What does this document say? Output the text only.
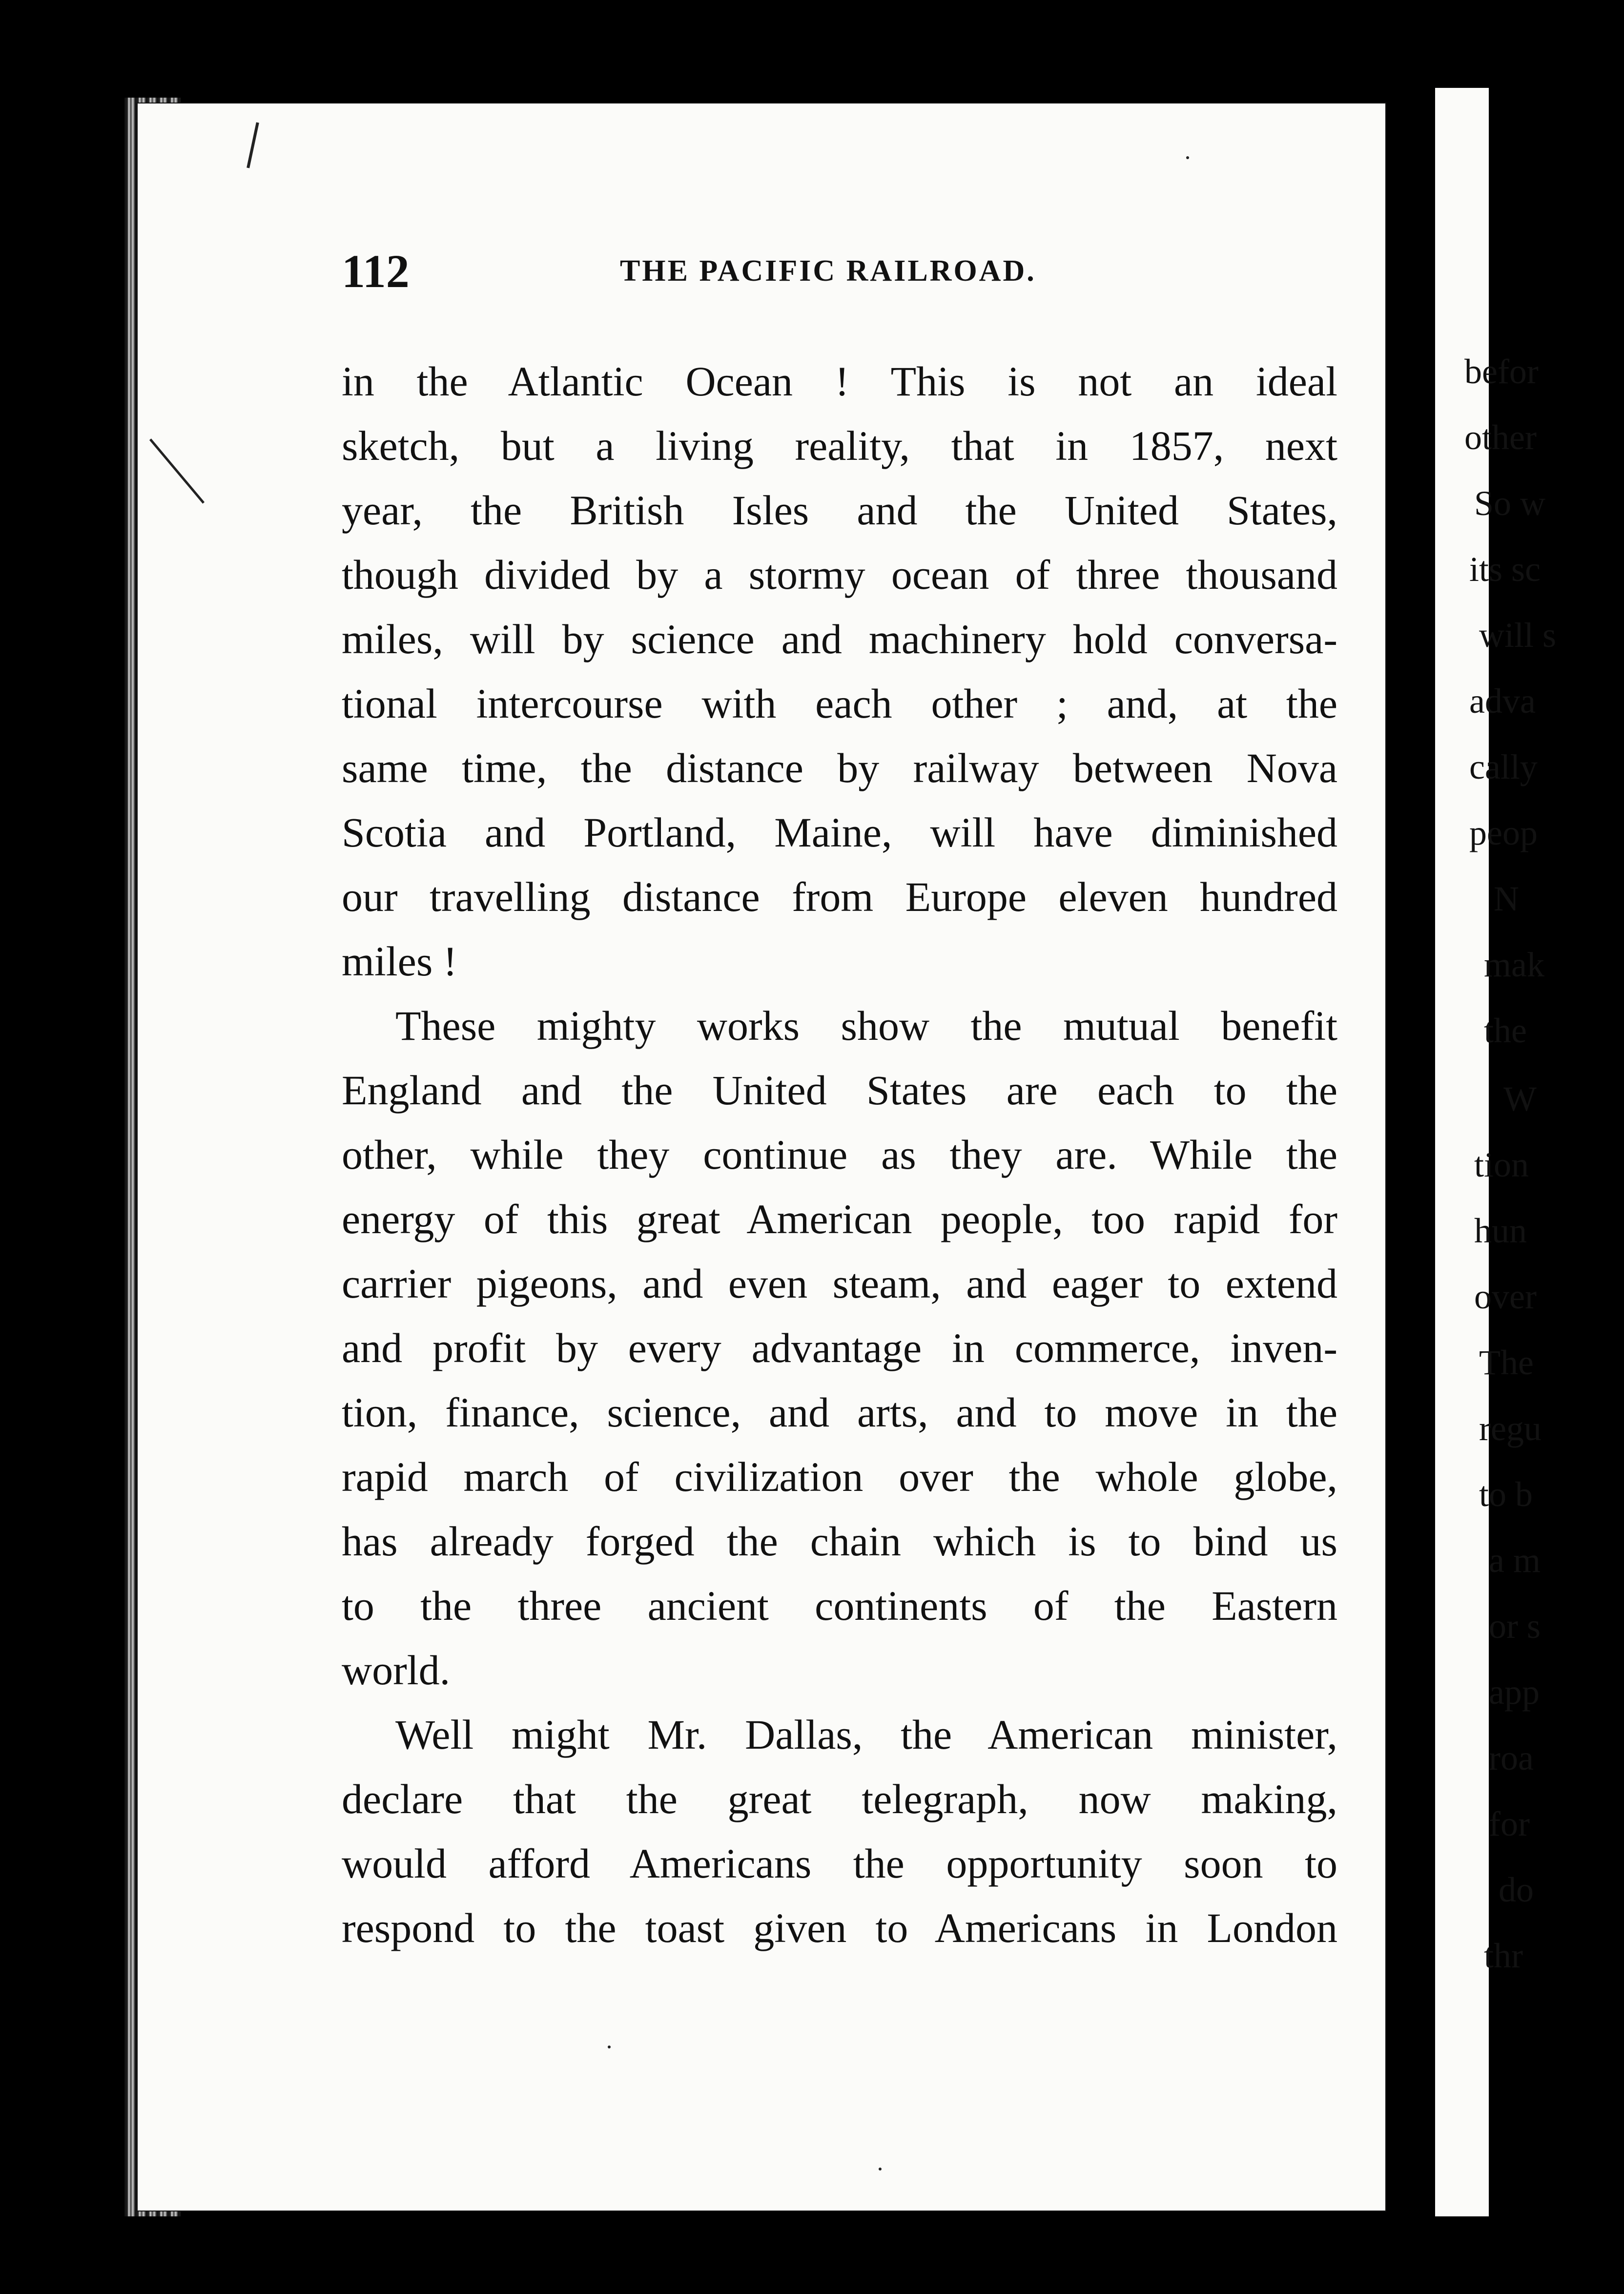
befor
other
So w
its sc
will s
adva
cally
peop
N
mak
the
W
tion
hun
over
The
regu
to b
a m
or s
app
roa
for
do
thr
112	THE PACIFIC RAILROAD.
in the Atlantic Ocean ! This is not an ideal
sketch, but a living reality, that in 1857, next
year, the British Isles and the United States,
though divided by a stormy ocean of three thousand
miles, will by science and machinery hold conversa-
tional intercourse with each other ; and, at the
same time, the distance by railway between Nova
Scotia and Portland, Maine, will have diminished
our travelling distance from Europe eleven hundred
miles !
These mighty works show the mutual benefit
England and the United States are each to the
other, while they continue as they are. While the
energy of this great American people, too rapid for
carrier pigeons, and even steam, and eager to extend
and profit by every advantage in commerce, inven-
tion, finance, science, and arts, and to move in the
rapid march of civilization over the whole globe,
has already forged the chain which is to bind us
to the three ancient continents of the Eastern
world.
Well might Mr. Dallas, the American minister,
declare that the great telegraph, now making,
would afford Americans the opportunity soon to
respond to the toast given to Americans in London
